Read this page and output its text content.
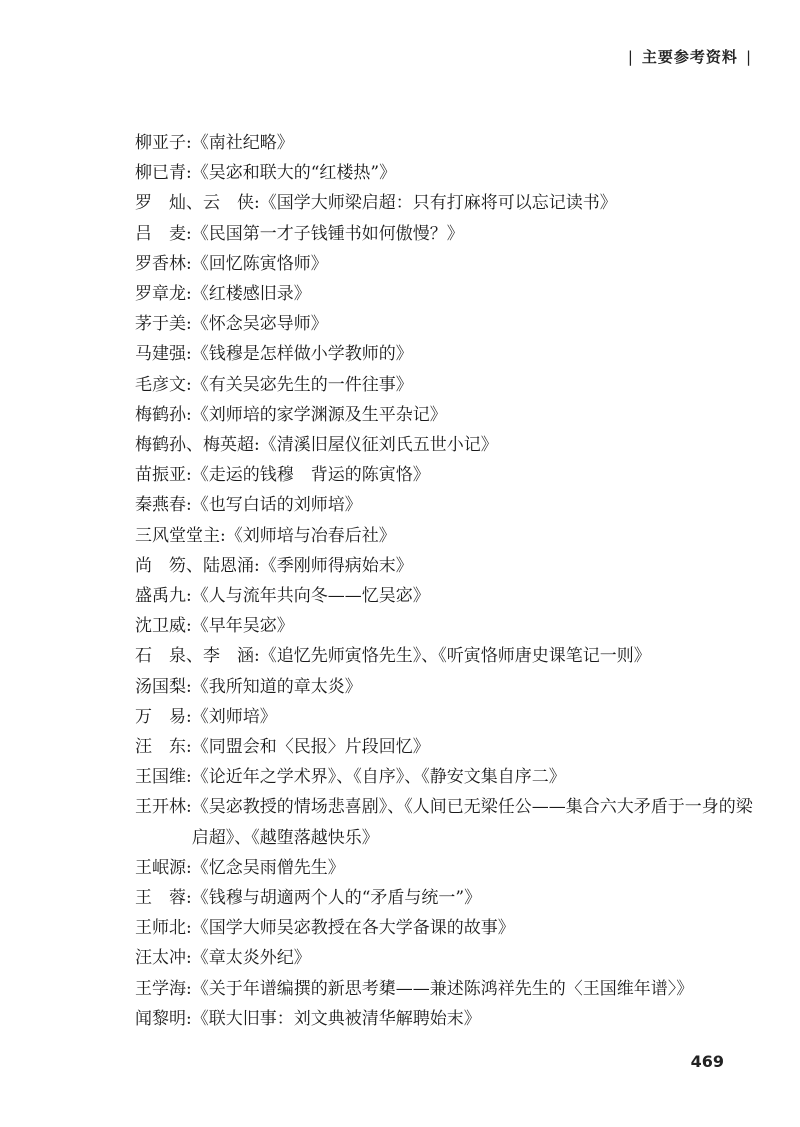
| 主要参考资料 |
柳亚子: 《南社纪略》
柳已青: 《吴宓和联大的“红楼热”》
罗　灿、云　侠: 《国学大师梁启超：只有打麻将可以忘记读书》
吕　麦: 《民国第一才子钱锺书如何傲慢？》
罗香林: 《回忆陈寅恪师》
罗章龙: 《红楼感旧录》
茅于美: 《怀念吴宓导师》
马建强: 《钱穆是怎样做小学教师的》
毛彦文: 《有关吴宓先生的一件往事》
梅鹤孙: 《刘师培的家学渊源及生平杂记》
梅鹤孙、梅英超: 《清溪旧屋仪征刘氏五世小记》
苗振亚: 《走运的钱穆　背运的陈寅恪》
秦燕春: 《也写白话的刘师培》
三风堂堂主: 《刘师培与冶春后社》
尚　笏、陆恩涌: 《季刚师得病始末》
盛禹九: 《人与流年共向冬——忆吴宓》
沈卫威: 《早年吴宓》
石　泉、李　涵: 《追忆先师寅恪先生》、《听寅恪师唐史课笔记一则》
汤国梨: 《我所知道的章太炎》
万　易: 《刘师培》
汪　东: 《同盟会和〈民报〉片段回忆》
王国维: 《论近年之学术界》、《自序》、《静安文集自序二》
王开林: 《吴宓教授的情场悲喜剧》、《人间已无梁任公——集合六大矛盾于一身的梁启超》、《越堕落越快乐》
王岷源: 《忆念吴雨僧先生》
王　蓉: 《钱穆与胡適两个人的“矛盾与统一”》
王师北: 《国学大师吴宓教授在各大学备课的故事》
汪太冲: 《章太炎外纪》
王学海: 《关于年谱编撰的新思考橥——兼述陈鸿祥先生的〈王国维年谱〉》
闻黎明: 《联大旧事：刘文典被清华解聘始末》
469
